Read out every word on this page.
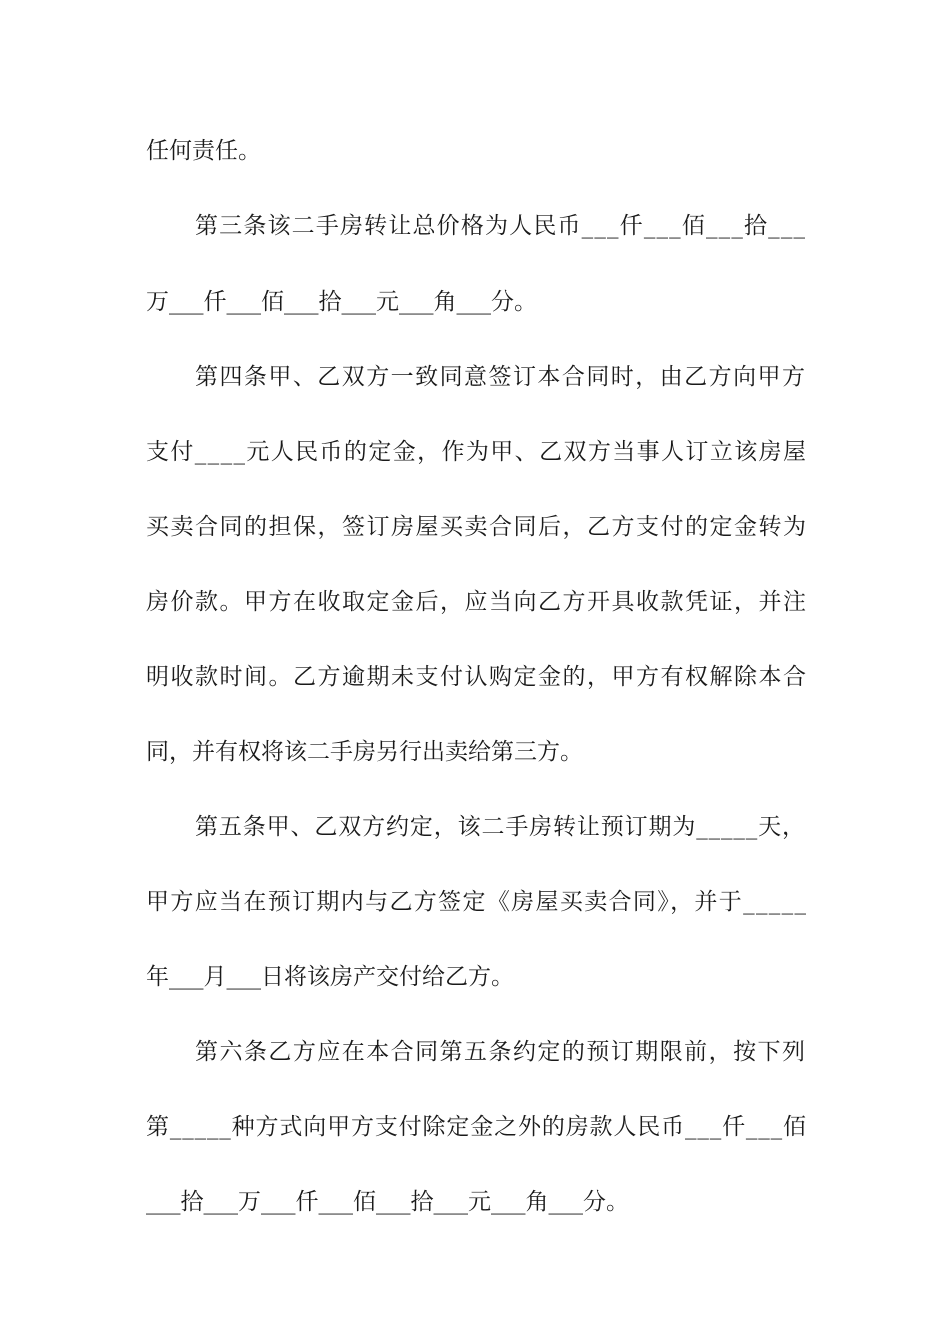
任何责任。
第三条该二手房转让总价格为人民币___仟___佰___拾___
万___仟___佰___拾___元___角___分。
第四条甲、乙双方一致同意签订本合同时，由乙方向甲方
支付____元人民币的定金，作为甲、乙双方当事人订立该房屋
买卖合同的担保，签订房屋买卖合同后，乙方支付的定金转为
房价款。甲方在收取定金后，应当向乙方开具收款凭证，并注
明收款时间。乙方逾期未支付认购定金的，甲方有权解除本合
同，并有权将该二手房另行出卖给第三方。
第五条甲、乙双方约定，该二手房转让预订期为_____天，
甲方应当在预订期内与乙方签定《房屋买卖合同》，并于_____
年___月___日将该房产交付给乙方。
第六条乙方应在本合同第五条约定的预订期限前，按下列
第_____种方式向甲方支付除定金之外的房款人民币___仟___佰
___拾___万___仟___佰___拾___元___角___分。
